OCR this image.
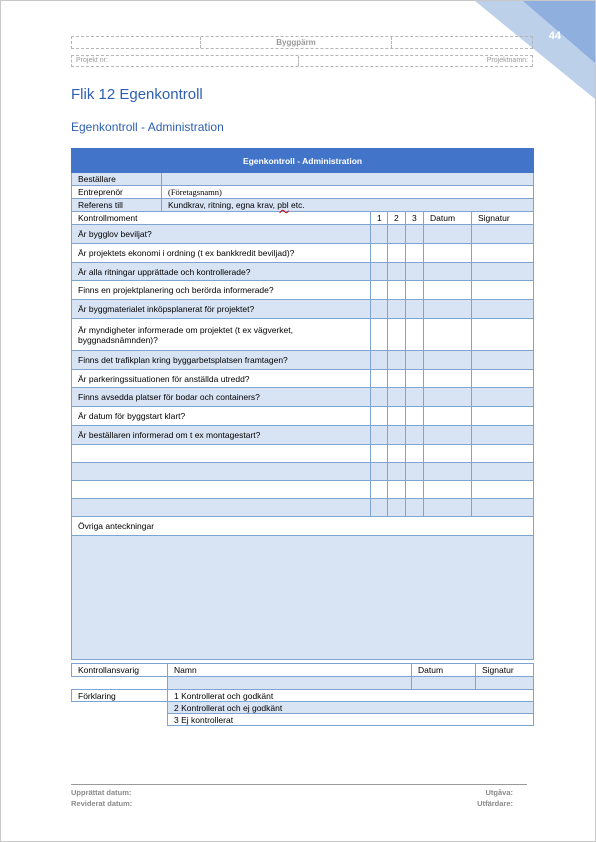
44
Byggpärm
Projekt nr:	Projektnamn:
Flik 12 Egenkontroll
Egenkontroll - Administration
Egenkontroll - Administration						
Beställare						
Entreprenör	(Företagsnamn)					
Referens till	Kundkrav, ritning, egna krav, pbl etc.					
Kontrollmoment		1	2	3	Datum	Signatur
Är bygglov beviljat?						
Är projektets ekonomi i ordning (t ex bankkredit beviljad)?						
Är alla ritningar upprättade och kontrollerade?						
Finns en projektplanering och berörda informerade?						
Är byggmaterialet inköpsplanerat för projektet?						
Är myndigheter informerade om projektet (t ex vägverket, byggnadsnämnden)?						
Finns det trafikplan kring byggarbetsplatsen framtagen?						
Är parkeringssituationen för anställda utredd?						
Finns avsedda platser för bodar och containers?						
Är datum för byggstart klart?						
Är beställaren informerad om t ex montagestart?						

Övriga anteckningar						

Kontrollansvarig	Namn	Datum	Signatur

Förklaring	1 Kontrollerat och godkänt
	2 Kontrollerat och ej godkänt
	3 Ej kontrollerat
Upprättat datum:	Utgåva:
Reviderat datum:	Utfärdare:
